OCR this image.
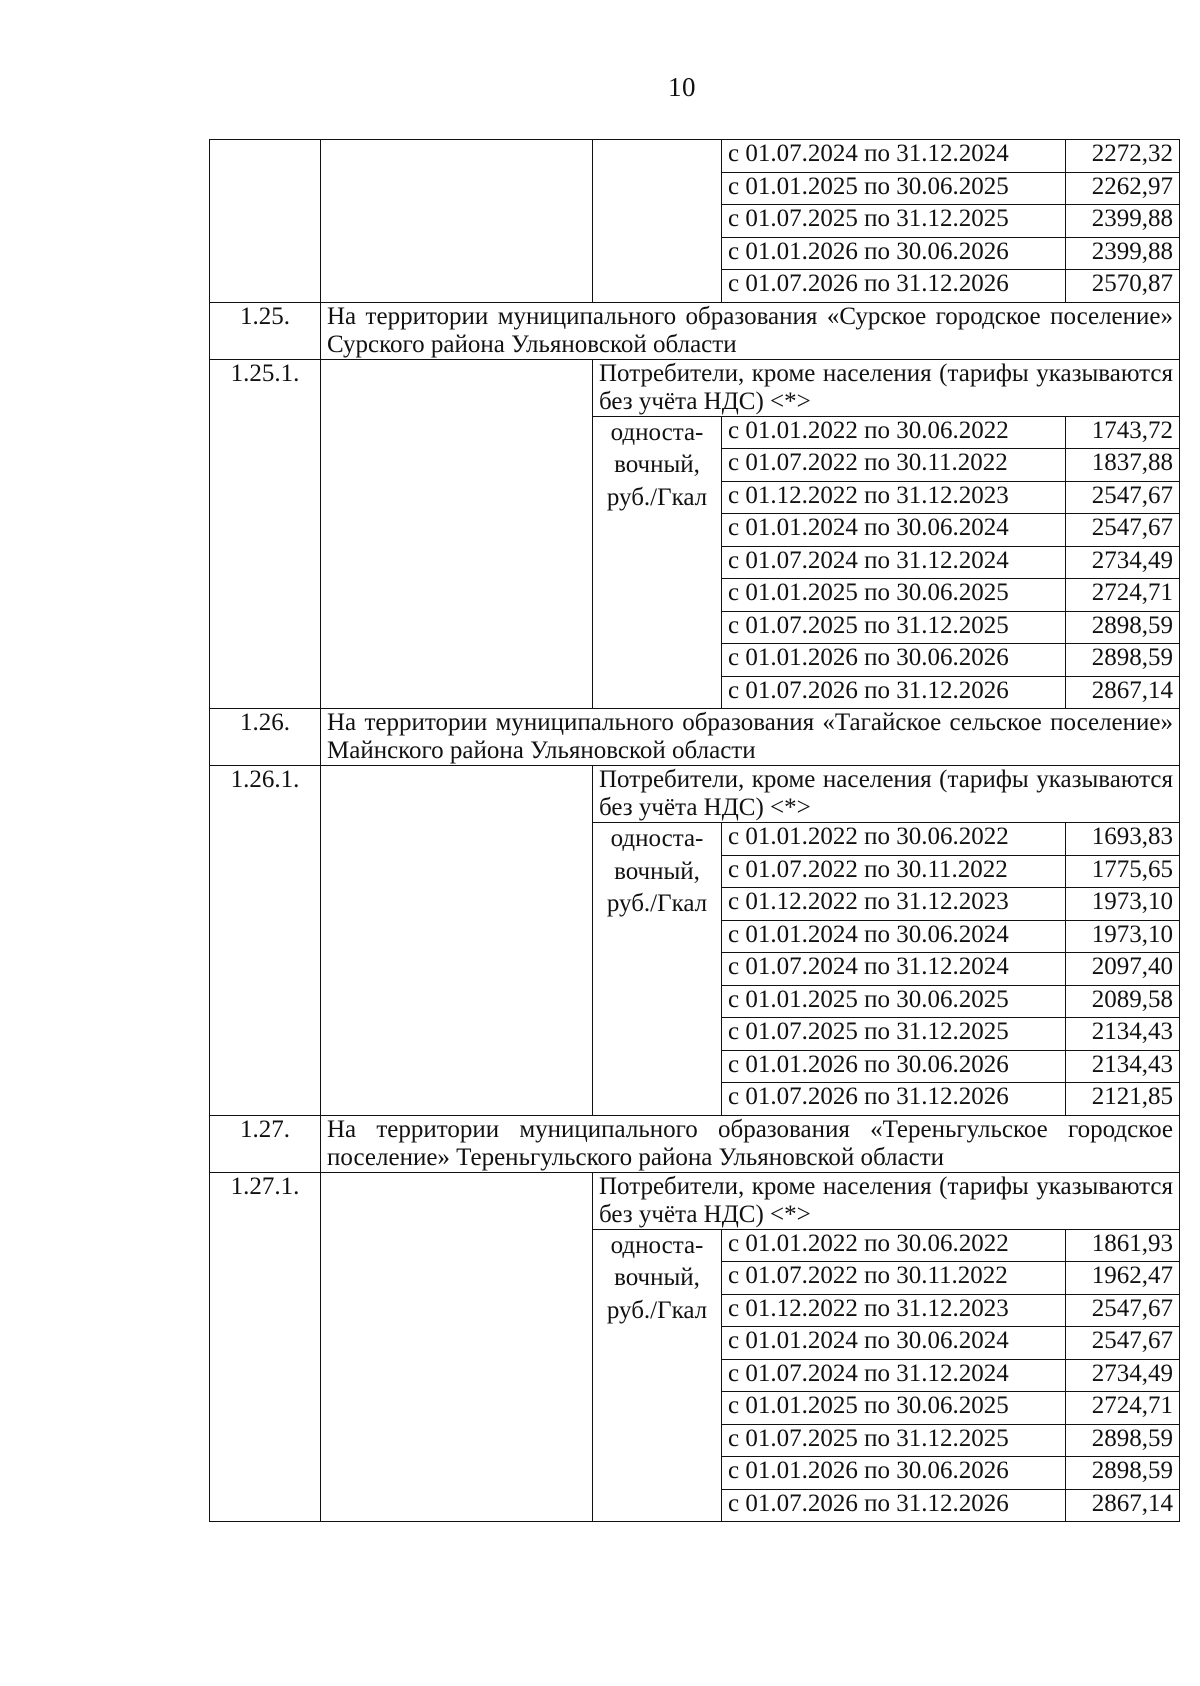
10
			с 01.07.2024 по 31.12.2024	2272,32
			с 01.01.2025 по 30.06.2025	2262,97
			с 01.07.2025 по 31.12.2025	2399,88
			с 01.01.2026 по 30.06.2026	2399,88
			с 01.07.2026 по 31.12.2026	2570,87
1.25.	На территории муниципального образования «Сурское городское поселение» Сурского района Ульяновской области			
1.25.1.		Потребители, кроме населения (тарифы указываются без учёта НДС) <*>		
		односта-вочный, руб./Гкал	с 01.01.2022 по 30.06.2022	1743,72
			с 01.07.2022 по 30.11.2022	1837,88
			с 01.12.2022 по 31.12.2023	2547,67
			с 01.01.2024 по 30.06.2024	2547,67
			с 01.07.2024 по 31.12.2024	2734,49
			с 01.01.2025 по 30.06.2025	2724,71
			с 01.07.2025 по 31.12.2025	2898,59
			с 01.01.2026 по 30.06.2026	2898,59
			с 01.07.2026 по 31.12.2026	2867,14
1.26.	На территории муниципального образования «Тагайское сельское поселение» Майнского района Ульяновской области			
1.26.1.		Потребители, кроме населения (тарифы указываются без учёта НДС) <*>		
		односта-вочный, руб./Гкал	с 01.01.2022 по 30.06.2022	1693,83
			с 01.07.2022 по 30.11.2022	1775,65
			с 01.12.2022 по 31.12.2023	1973,10
			с 01.01.2024 по 30.06.2024	1973,10
			с 01.07.2024 по 31.12.2024	2097,40
			с 01.01.2025 по 30.06.2025	2089,58
			с 01.07.2025 по 31.12.2025	2134,43
			с 01.01.2026 по 30.06.2026	2134,43
			с 01.07.2026 по 31.12.2026	2121,85
1.27.	На территории муниципального образования «Тереньгульское городское поселение» Тереньгульского района Ульяновской области			
1.27.1.		Потребители, кроме населения (тарифы указываются без учёта НДС) <*>		
		односта-вочный, руб./Гкал	с 01.01.2022 по 30.06.2022	1861,93
			с 01.07.2022 по 30.11.2022	1962,47
			с 01.12.2022 по 31.12.2023	2547,67
			с 01.01.2024 по 30.06.2024	2547,67
			с 01.07.2024 по 31.12.2024	2734,49
			с 01.01.2025 по 30.06.2025	2724,71
			с 01.07.2025 по 31.12.2025	2898,59
			с 01.01.2026 по 30.06.2026	2898,59
			с 01.07.2026 по 31.12.2026	2867,14
